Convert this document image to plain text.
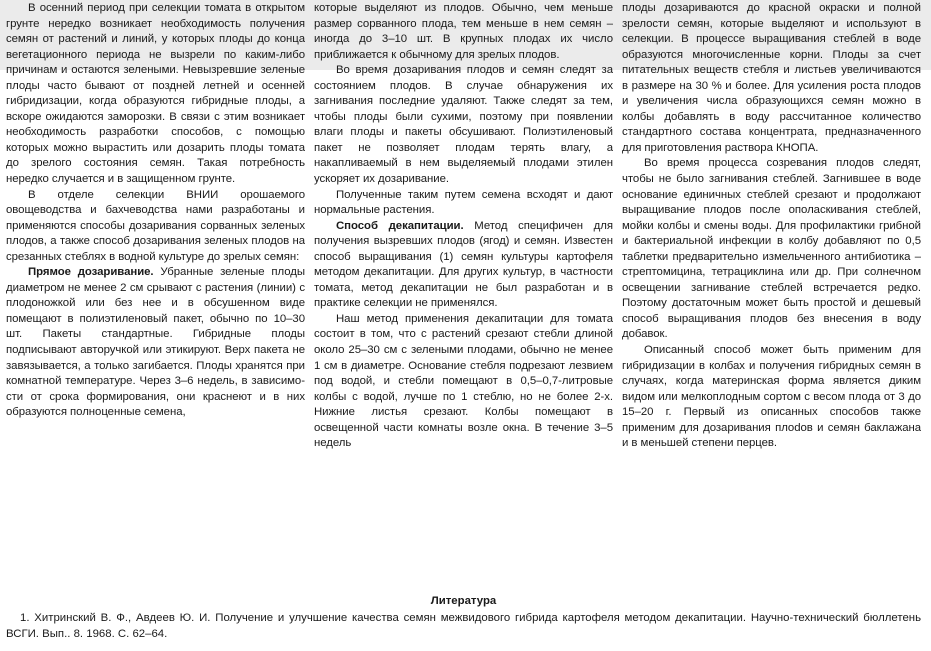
В осенний период при селекции томата в открытом грунте нередко возникает необходимость получения семян от растений и линий, у которых плоды до конца вегетационного периода не вызрели по каким-либо причинам и остаются зелеными. Невызревшие зеленые плоды часто бывают от поздней летней и осенней гибридизации, когда образуются гибридные плоды, а вскоре ожидаются заморозки. В связи с этим возникает необходимость разработки способов, с помощью которых можно вырастить или дозарить плоды томата до зрелого состояния семян. Такая потребность нередко случается и в защищенном грунте.

В отделе селекции ВНИИ орошаемого овощеводства и бахчеводства нами разработаны и применяются способы дозаривания сорванных зеленых плодов, а также способ дозаривания зеленых плодов на срезанных стеблях в водной культуре до зрелых семян:

Прямое дозаривание. Убранные зеленые плоды диаметром не менее 2 см срывают с растения (линии) с плодоножкой или без нее и в обсушенном виде помещают в полиэтиленовый пакет, обычно по 10–30 шт. Пакеты стандартные. Гибридные плоды подписывают авторучкой или этикируют. Верх пакета не завязывается, а только загибается. Плоды хранятся при комнатной температуре. Через 3–6 недель, в зависимости от срока формирования, они краснеют и в них образуются полноценные семена,

которые выделяют из плодов. Обычно, чем меньше размер сорванного плода, тем меньше в нем семян – иногда до 3–10 шт. В крупных плодах их число приближается к обычному для зрелых плодов.

Во время дозаривания плодов и семян следят за состоянием плодов. В случае обнаружения их загнивания последние удаляют. Также следят за тем, чтобы плоды были сухими, поэтому при появлении влаги плоды и пакеты обсушивают. Полиэтиленовый пакет не позволяет плодам терять влагу, а накапливаемый в нем выделяемый плодами этилен ускоряет их дозаривание.

Полученные таким путем семена всходят и дают нормальные растения.

Способ декапитации. Метод специфичен для получения вызревших плодов (ягод) и семян. Известен способ выращивания (1) семян культуры картофеля методом декапитации. Для других культур, в частности томата, метод декапитации не был разработан и в практике селекции не применялся.

Наш метод применения декапитации для томата состоит в том, что с растений срезают стебли длиной около 25–30 см с зелеными плодами, обычно не менее 1 см в диаметре. Основание стебля подрезают лезвием под водой, и стебли помещают в 0,5–0,7-литровые колбы с водой, лучше по 1 стеблю, но не более 2-х. Нижние листья срезают. Колбы помещают в освещенной части комнаты возле окна. В течение 3–5 недель

плоды дозариваются до красной окраски и полной зрелости семян, которые выделяют и используют в селекции. В процессе выращивания стеблей в воде образуются многочисленные корни. Плоды за счет питательных веществ стебля и листьев увеличиваются в размере на 30 % и более. Для усиления роста плодов и увеличения числа образующихся семян можно в колбы добавлять в воду рассчитанное количество стандартного состава концентрата, предназначенного для приготовления раствора КНОПА.

Во время процесса созревания плодов следят, чтобы не было загнивания стеблей. Загнившее в воде основание единичных стеблей срезают и продолжают выращивание плодов после ополаскивания стеблей, мойки колбы и смены воды. Для профилактики грибной и бактериальной инфекции в колбу добавляют по 0,5 таблетки предварительно измельченного антибиотика – стрептомицина, тетрациклина или др. При солнечном освещении загнивание стеблей встречается редко. Поэтому достаточным может быть простой и дешевый способ выращивания плодов без внесения в воду добавок.

Описанный способ может быть применим для гибридизации в колбах и получения гибридных семян в случаях, когда материнская форма является диким видом или мелкоплодным сортом с весом плода от 3 до 15–20 г. Первый из описанных способов также применим для дозаривания плоdов и семян баклажана и в меньшей степени перцев.

Литература

1. Хитринский В. Ф., Авдеев Ю. И. Получение и улучшение качества семян межвидового гибрида картофеля методом декапитации. Научно-технический бюллетень ВСГИ. Вып.. 8. 1968. С. 62–64.
